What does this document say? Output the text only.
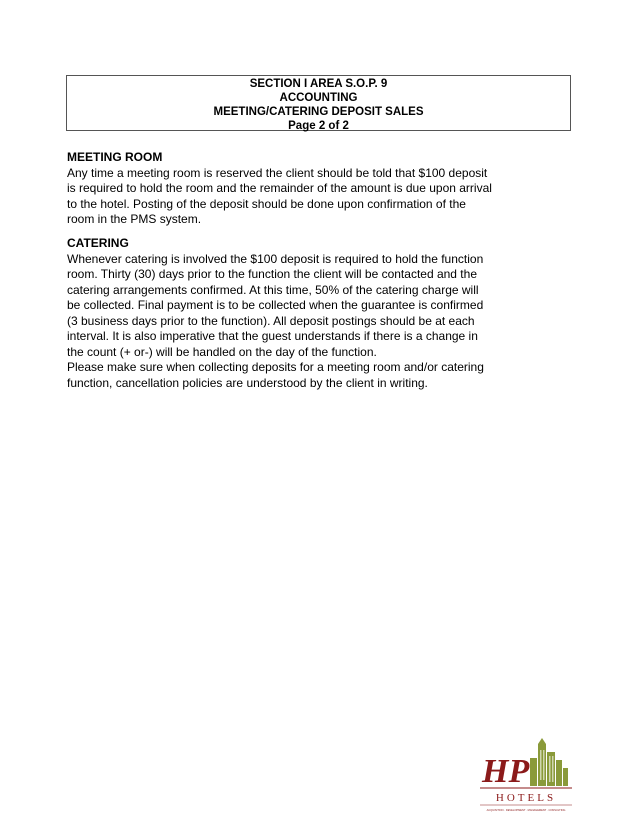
SECTION I AREA S.O.P. 9
ACCOUNTING
MEETING/CATERING DEPOSIT SALES
Page 2 of 2
MEETING ROOM
Any time a meeting room is reserved the client should be told that $100 deposit
is required to hold the room and the remainder of the amount is due upon arrival
to the hotel. Posting of the deposit should be done upon confirmation of the
room in the PMS system.
CATERING
Whenever catering is involved the $100 deposit is required to hold the function
room. Thirty (30) days prior to the function the client will be contacted and the
catering arrangements confirmed. At this time, 50% of the catering charge will
be collected. Final payment is to be collected when the guarantee is confirmed
(3 business days prior to the function). All deposit postings should be at each
interval. It is also imperative that the guest understands if there is a change in
the count (+ or-) will be handled on the day of the function.
Please make sure when collecting deposits for a meeting room and/or catering
function, cancellation policies are understood by the client in writing.
HP
HOTELS
ACQUISITION · DEVELOPMENT · MANAGEMENT · CONSULTING
